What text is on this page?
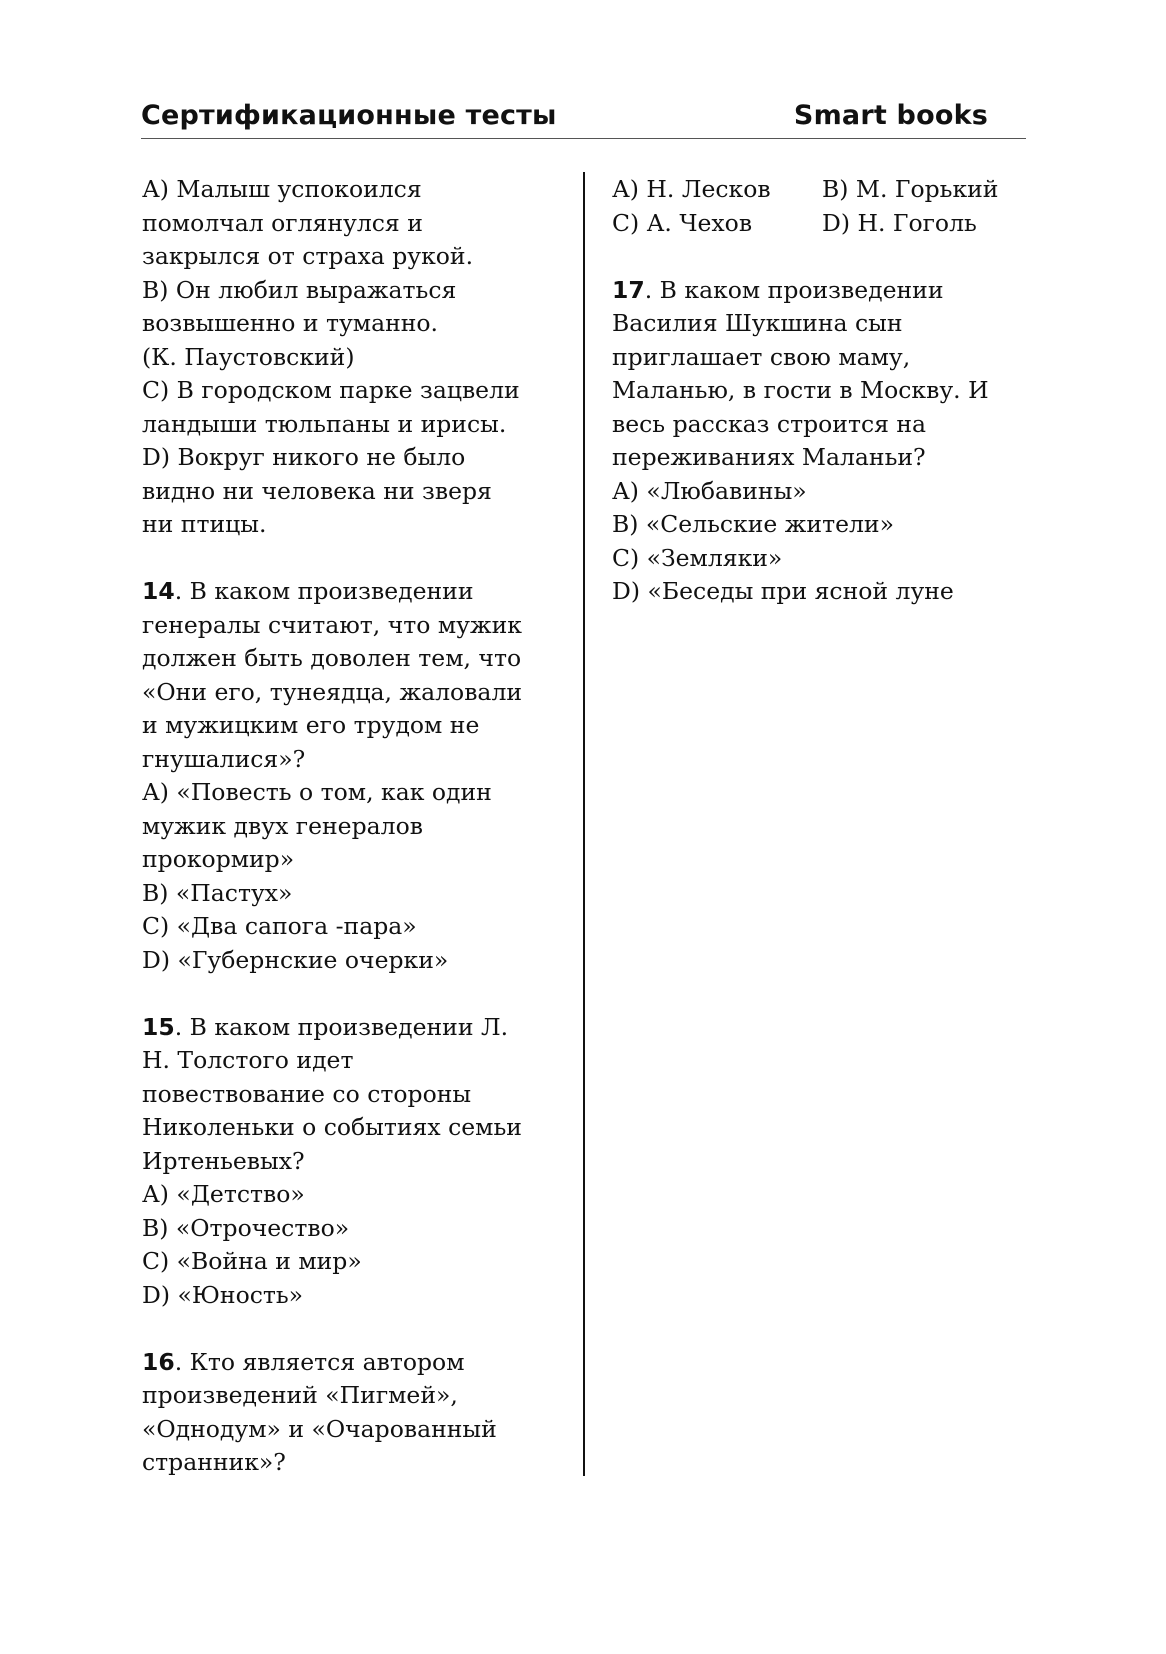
Сертификационные тесты	Smart books
А) Малыш успокоился
помолчал оглянулся и
закрылся от страха рукой.
В) Он любил выражаться
возвышенно и туманно.
(К. Паустовский)
С) В городском парке зацвели
ландыши тюльпаны и ирисы.
D) Вокруг никого не было
видно ни человека ни зверя
ни птицы.
14. В каком произведении
генералы считают, что мужик
должен быть доволен тем, что
«Они его, тунеядца, жаловали
и мужицким его трудом не
гнушалися»?
А) «Повесть о том, как один
мужик двух генералов
прокормир»
В) «Пастух»
С) «Два сапога -пара»
D) «Губернские очерки»
15. В каком произведении Л.
Н. Толстого идет
повествование со стороны
Николеньки о событиях семьи
Иртеньевых?
А) «Детство»
В) «Отрочество»
С) «Война и мир»
D) «Юность»
16. Кто является автором
произведений «Пигмей»,
«Однодум» и «Очарованный
странник»?
А) Н. Лесков В) М. Горький
С) А. Чехов	D) Н. Гоголь
17. В каком произведении
Василия Шукшина сын
приглашает свою маму,
Маланью, в гости в Москву. И
весь рассказ строится на
переживаниях Маланьи?
А) «Любавины»
В) «Сельские жители»
С) «Земляки»
D) «Беседы при ясной луне
